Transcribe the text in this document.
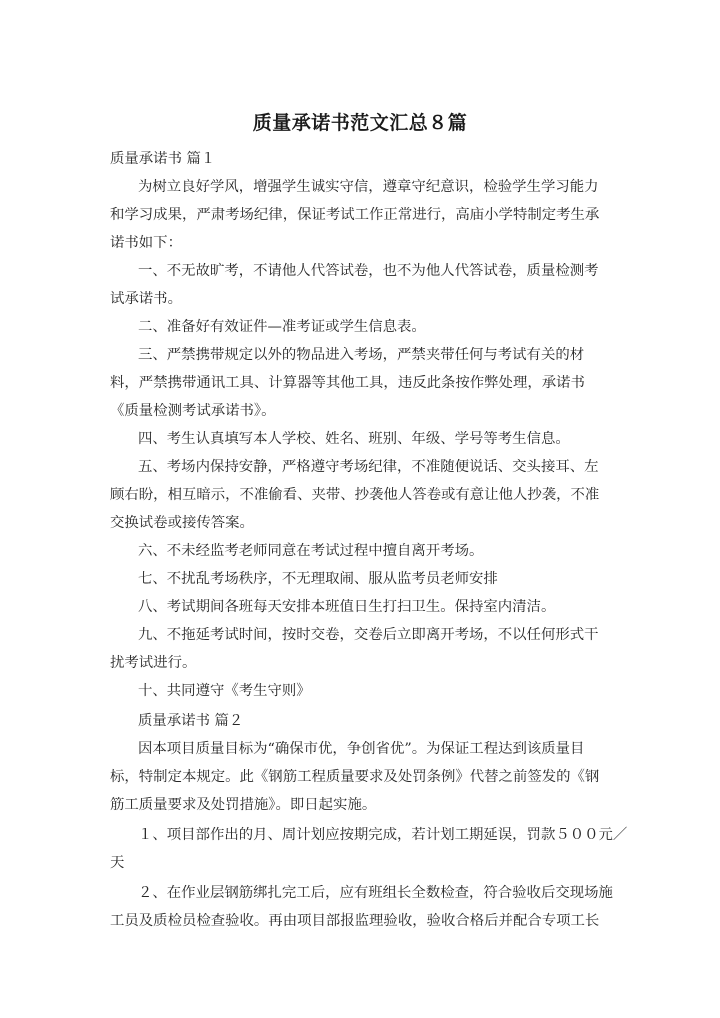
质量承诺书范文汇总８篇
质量承诺书 篇１
为树立良好学风，增强学生诚实守信，遵章守纪意识，检验学生学习能力
和学习成果，严肃考场纪律，保证考试工作正常进行，高庙小学特制定考生承
诺书如下：
一、不无故旷考，不请他人代答试卷，也不为他人代答试卷，质量检测考
试承诺书。
二、准备好有效证件—准考证或学生信息表。
三、严禁携带规定以外的物品进入考场，严禁夹带任何与考试有关的材
料，严禁携带通讯工具、计算器等其他工具，违反此条按作弊处理，承诺书
《质量检测考试承诺书》。
四、考生认真填写本人学校、姓名、班别、年级、学号等考生信息。
五、考场内保持安静，严格遵守考场纪律，不准随便说话、交头接耳、左
顾右盼，相互暗示，不准偷看、夹带、抄袭他人答卷或有意让他人抄袭，不准
交换试卷或接传答案。
六、不未经监考老师同意在考试过程中擅自离开考场。
七、不扰乱考场秩序，不无理取闹、服从监考员老师安排
八、考试期间各班每天安排本班值日生打扫卫生。保持室内清洁。
九、不拖延考试时间，按时交卷，交卷后立即离开考场，不以任何形式干
扰考试进行。
十、共同遵守《考生守则》
质量承诺书 篇２
因本项目质量目标为“确保市优，争创省优”。为保证工程达到该质量目
标，特制定本规定。此《钢筋工程质量要求及处罚条例》代替之前签发的《钢
筋工质量要求及处罚措施》。即日起实施。
１、项目部作出的月、周计划应按期完成，若计划工期延误，罚款５００元／
天
２、在作业层钢筋绑扎完工后，应有班组长全数检查，符合验收后交现场施
工员及质检员检查验收。再由项目部报监理验收，验收合格后并配合专项工长
